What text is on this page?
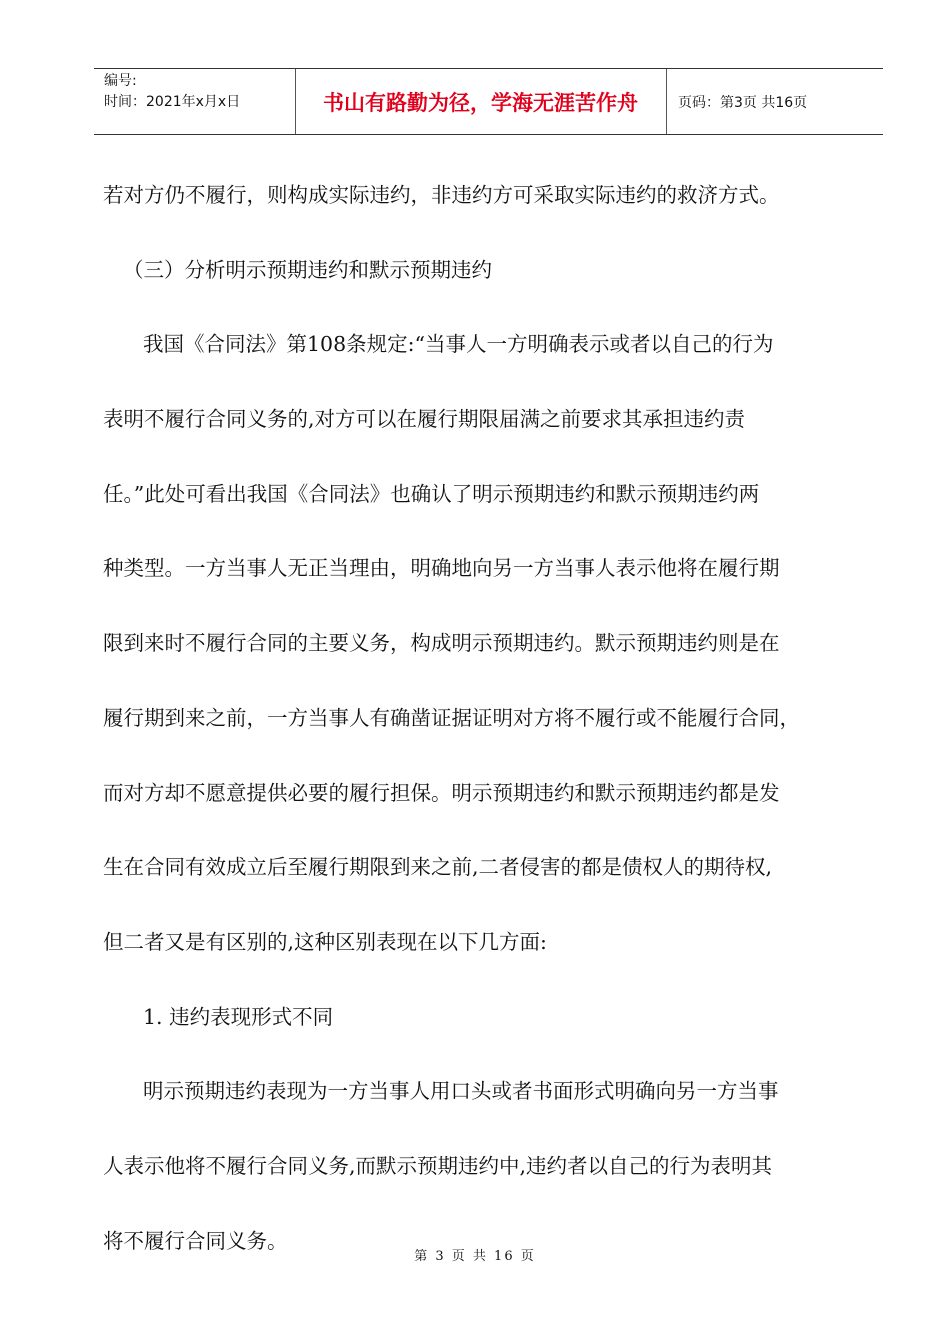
编号:
时间：2021年x月x日	书山有路勤为径，学海无涯苦作舟	页码：第3页 共16页
若对方仍不履行，则构成实际违约，非违约方可采取实际违约的救济方式。
（三）分析明示预期违约和默示预期违约
我国《合同法》第108条规定:“当事人一方明确表示或者以自己的行为
表明不履行合同义务的,对方可以在履行期限届满之前要求其承担违约责
任。”此处可看出我国《合同法》也确认了明示预期违约和默示预期违约两
种类型。一方当事人无正当理由，明确地向另一方当事人表示他将在履行期
限到来时不履行合同的主要义务，构成明示预期违约。默示预期违约则是在
履行期到来之前，一方当事人有确凿证据证明对方将不履行或不能履行合同，
而对方却不愿意提供必要的履行担保。明示预期违约和默示预期违约都是发
生在合同有效成立后至履行期限到来之前,二者侵害的都是债权人的期待权,
但二者又是有区别的,这种区别表现在以下几方面:
1. 违约表现形式不同
明示预期违约表现为一方当事人用口头或者书面形式明确向另一方当事
人表示他将不履行合同义务,而默示预期违约中,违约者以自己的行为表明其
将不履行合同义务。
第 3 页 共 16 页
